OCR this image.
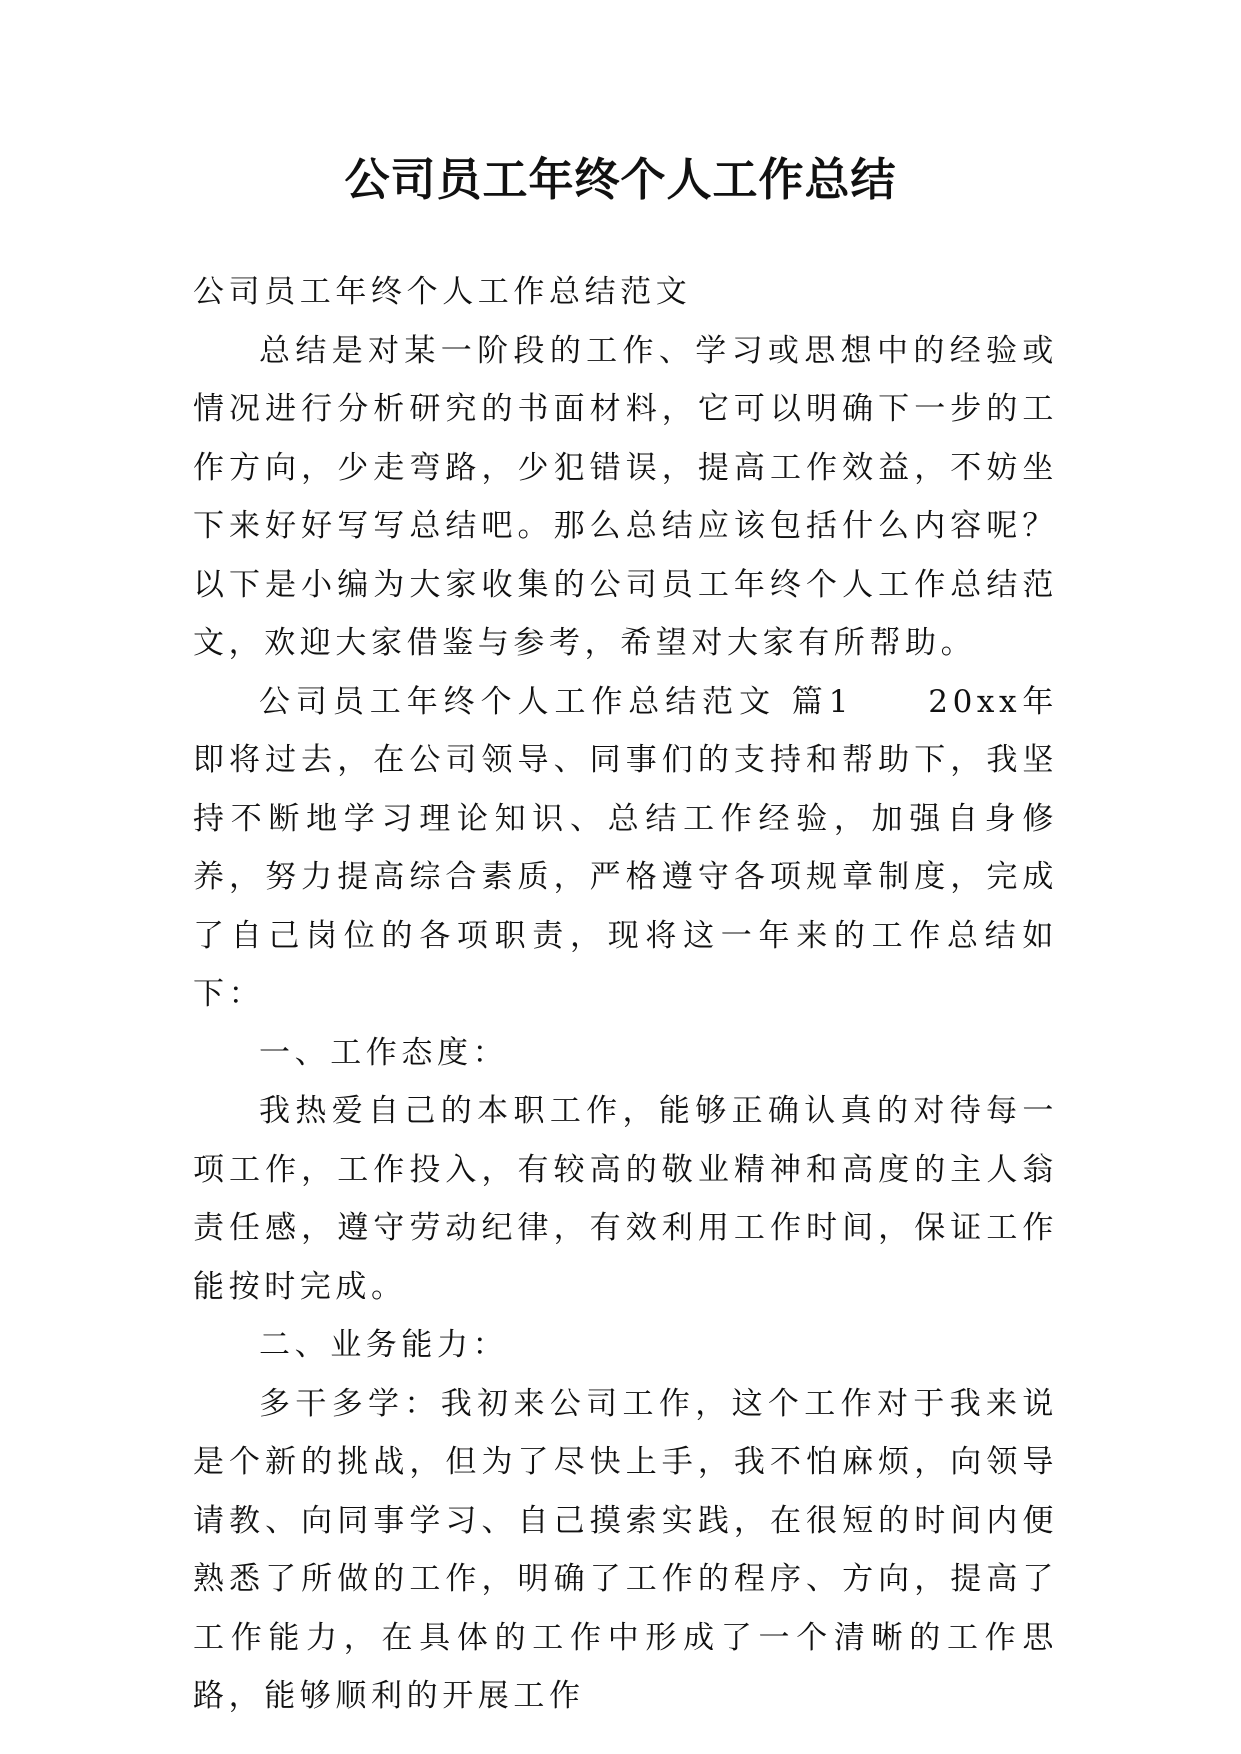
公司员工年终个人工作总结

公司员工年终个人工作总结范文

总结是对某一阶段的工作、学习或思想中的经验或情况进行分析研究的书面材料，它可以明确下一步的工作方向，少走弯路，少犯错误，提高工作效益，不妨坐下来好好写写总结吧。那么总结应该包括什么内容呢？以下是小编为大家收集的公司员工年终个人工作总结范文，欢迎大家借鉴与参考，希望对大家有所帮助。

公司员工年终个人工作总结范文 篇1　　20xx年即将过去，在公司领导、同事们的支持和帮助下，我坚持不断地学习理论知识、总结工作经验，加强自身修养，努力提高综合素质，严格遵守各项规章制度，完成了自己岗位的各项职责，现将这一年来的工作总结如下：

一、工作态度：

我热爱自己的本职工作，能够正确认真的对待每一项工作，工作投入，有较高的敬业精神和高度的主人翁责任感，遵守劳动纪律，有效利用工作时间，保证工作能按时完成。

二、业务能力：

多干多学：我初来公司工作，这个工作对于我来说是个新的挑战，但为了尽快上手，我不怕麻烦，向领导请教、向同事学习、自己摸索实践，在很短的时间内便熟悉了所做的工作，明确了工作的程序、方向，提高了工作能力，在具体的工作中形成了一个清晰的工作思路，能够顺利的开展工作
